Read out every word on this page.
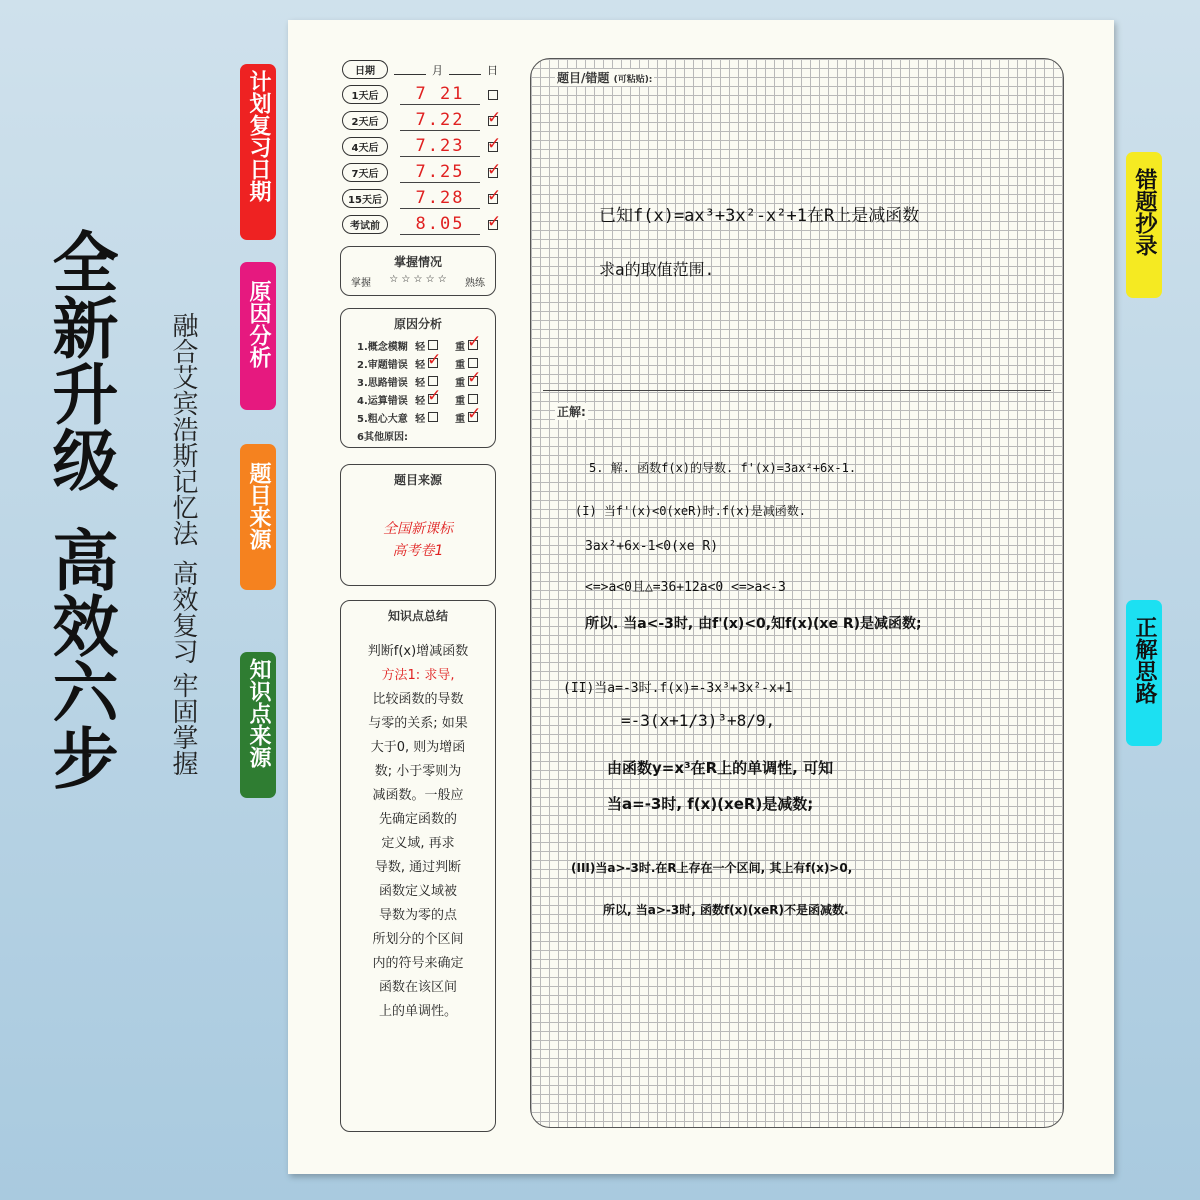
全新升级
高效六步
融合艾宾浩斯记忆法
高效复习 牢固掌握
计划复习日期
原因分析
题目来源
知识点来源
错题抄录
正解思路
日期	月	日
1天后	7 21
2天后	7.22	✓
4天后	7.23	✓
7天后	7.25	✓
15天后	7.28	✓
考试前	8.05	✓
掌握情况
掌握 ☆ ☆ ☆ ☆ ☆ 熟练
原因分析
1.概念模糊 轻	重 ✓
2.审题错误 轻 ✓ 重
3.思路错误 轻	重 ✓
4.运算错误 轻 ✓ 重
5.粗心大意 轻	重 ✓
6其他原因:
题目来源
全国新课标
高考卷1
知识点总结
判断f(x)增减函数
方法1: 求导,
比较函数的导数
与零的关系; 如果
大于0, 则为增函
数; 小于零则为
减函数。一般应
先确定函数的
定义域, 再求
导数, 通过判断
函数定义域被
导数为零的点
所划分的个区间
内的符号来确定
函数在该区间
上的单调性。
题目/错题 (可粘贴):
已知f(x)=ax³+3x²-x²+1在R上是减函数
求a的取值范围.
正解:
5. 解. 函数f(x)的导数. f'(x)=3ax²+6x-1.
(I) 当f'(x)<0(xeR)时.f(x)是减函数.
3ax²+6x-1<0(xe R)
<=>a<0且△=36+12a<0 <=>a<-3
所以. 当a<-3时, 由f'(x)<0,知f(x)(xe R)是减函数;
(II)当a=-3时.f(x)=-3x³+3x²-x+1
=-3(x+1/3)³+8/9,
由函数y=x³在R上的单调性, 可知
当a=-3时, f(x)(xeR)是减数;
(III)当a>-3时.在R上存在一个区间, 其上有f(x)>0,
所以, 当a>-3时, 函数f(x)(xeR)不是函减数.
